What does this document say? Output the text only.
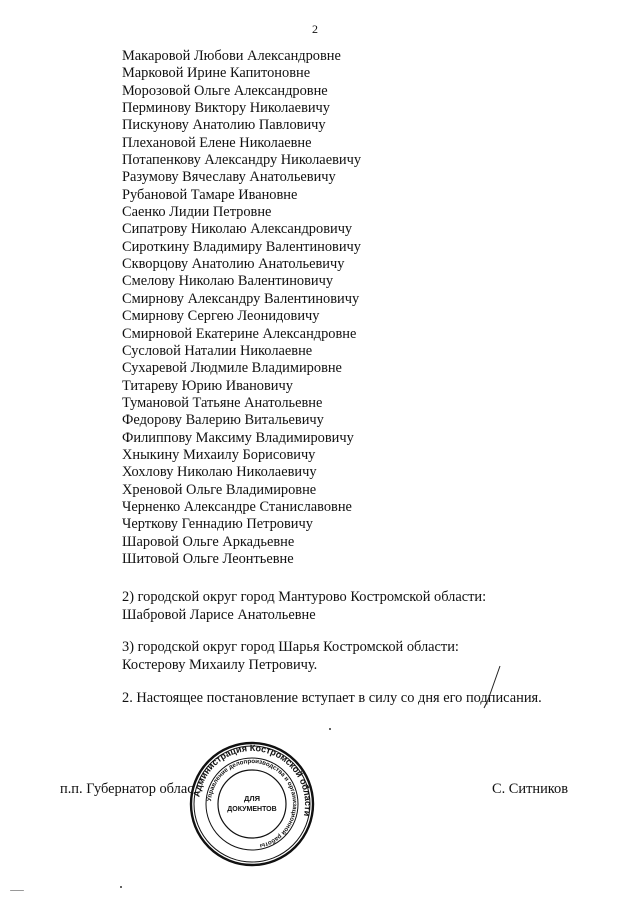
2
Макаровой Любови Александровне
Марковой Ирине Капитоновне
Морозовой Ольге Александровне
Перминову Виктору Николаевичу
Пискунову Анатолию Павловичу
Плехановой Елене Николаевне
Потапенкову Александру Николаевичу
Разумову Вячеславу Анатольевичу
Рубановой Тамаре Ивановне
Саенко Лидии Петровне
Сипатрову Николаю Александровичу
Сироткину Владимиру Валентиновичу
Скворцову Анатолию Анатольевичу
Смелову Николаю Валентиновичу
Смирнову Александру Валентиновичу
Смирнову Сергею Леонидовичу
Смирновой Екатерине Александровне
Сусловой Наталии Николаевне
Сухаревой Людмиле Владимировне
Титареву Юрию Ивановичу
Тумановой Татьяне Анатольевне
Федорову Валерию Витальевичу
Филиппову Максиму Владимировичу
Хныкину Михаилу Борисовичу
Хохлову Николаю Николаевичу
Хреновой Ольге Владимировне
Черненко Александре Станиславовне
Черткову Геннадию Петровичу
Шаровой Ольге Аркадьевне
Шитовой Ольге Леонтьевне
2) городской округ город Мантурово Костромской области:
Шабровой Ларисе Анатольевне
3) городской округ город Шарья Костромской области:
Костерову Михаилу Петровичу.
2. Настоящее постановление вступает в силу со дня его подписания.
п.п. Губернатор облас	С. Ситников
Администрация Костромской области
Управление делопроизводства и организационной работы
ДЛЯ
ДОКУМЕНТОВ
